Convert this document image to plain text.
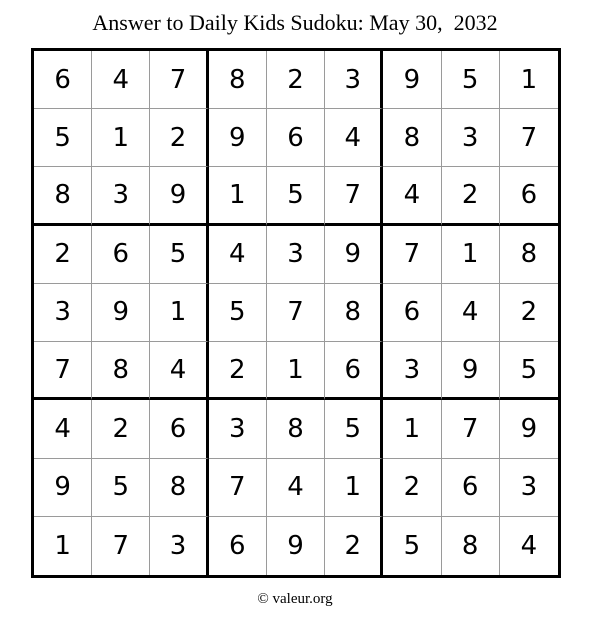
Answer to Daily Kids Sudoku: May 30,  2032
6	4	7	8	2	3	9	5	1
5	1	2	9	6	4	8	3	7
8	3	9	1	5	7	4	2	6
2	6	5	4	3	9	7	1	8
3	9	1	5	7	8	6	4	2
7	8	4	2	1	6	3	9	5
4	2	6	3	8	5	1	7	9
9	5	8	7	4	1	2	6	3
1	7	3	6	9	2	5	8	4
© valeur.org
